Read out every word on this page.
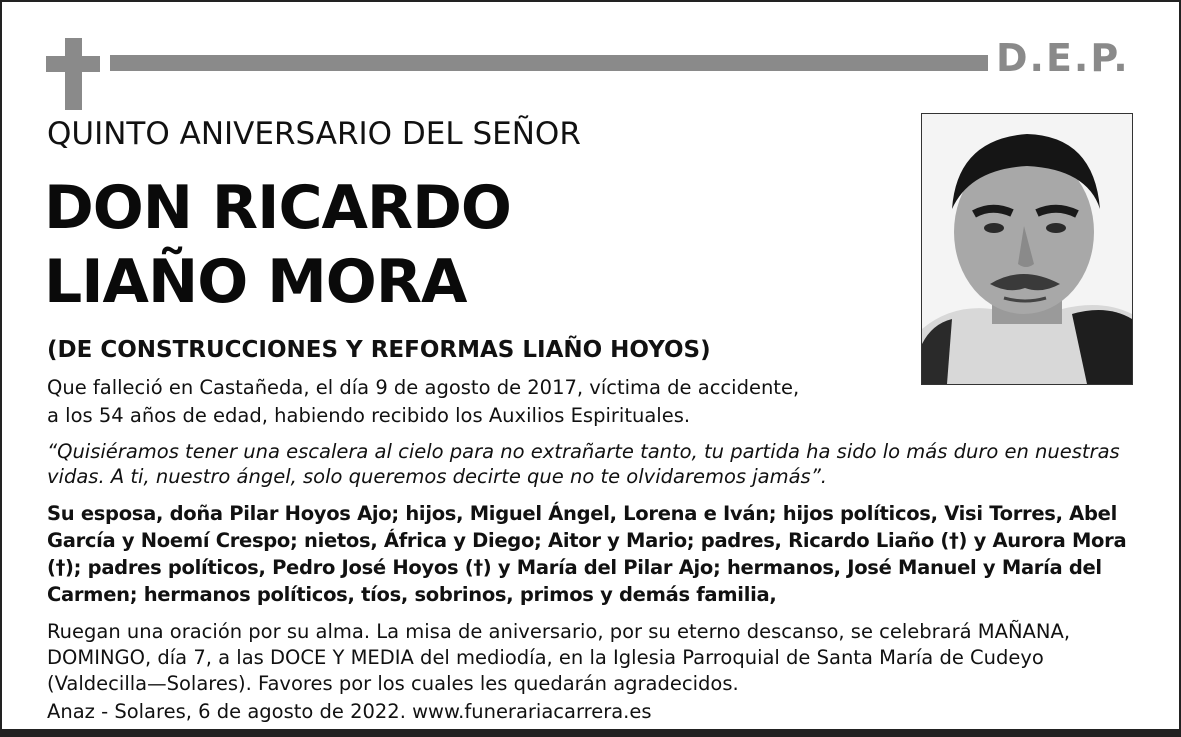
D.E.P.
QUINTO ANIVERSARIO DEL SEÑOR
DON RICARDO
LIAÑO MORA
(DE CONSTRUCCIONES Y REFORMAS LIAÑO HOYOS)
Que falleció en Castañeda, el día 9 de agosto de 2017, víctima de accidente,
a los 54 años de edad, habiendo recibido los Auxilios Espirituales.
“Quisiéramos tener una escalera al cielo para no extrañarte tanto, tu partida ha sido lo más duro en nuestras vidas. A ti, nuestro ángel, solo queremos decirte que no te olvidaremos jamás”.
Su esposa, doña Pilar Hoyos Ajo; hijos, Miguel Ángel, Lorena e Iván; hijos políticos, Visi Torres, Abel García y Noemí Crespo; nietos, África y Diego; Aitor y Mario; padres, Ricardo Liaño (†) y Aurora Mora (†); padres políticos, Pedro José Hoyos (†) y María del Pilar Ajo; hermanos, José Manuel y María del Carmen; hermanos políticos, tíos, sobrinos, primos y demás familia,
Ruegan una oración por su alma. La misa de aniversario, por su eterno descanso, se celebrará MAÑANA, DOMINGO, día 7, a las DOCE Y MEDIA del mediodía, en la Iglesia Parroquial de Santa María de Cudeyo (Valdecilla—Solares). Favores por los cuales les quedarán agradecidos.
Anaz - Solares, 6 de agosto de 2022. www.funerariacarrera.es
